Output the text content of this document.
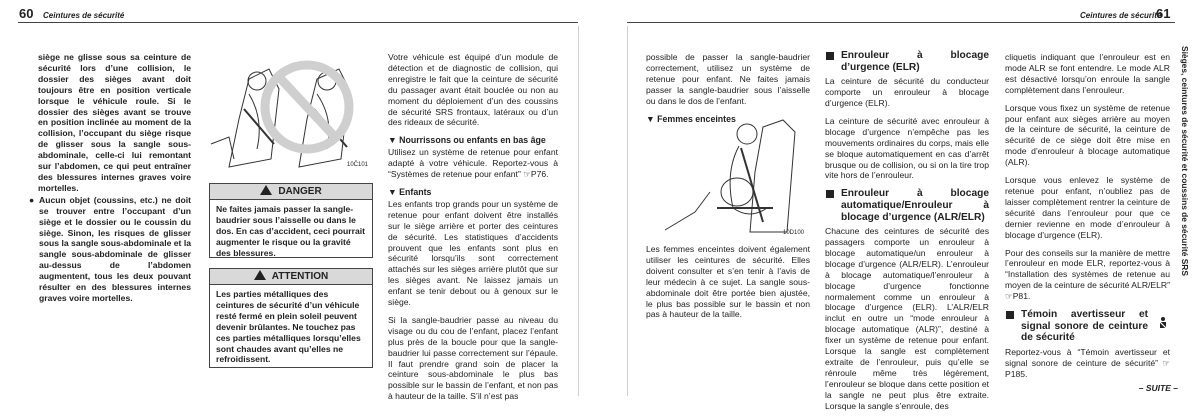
60 Ceintures de sécurité

siège ne glisse sous sa ceinture de sécurité lors d’une collision, le dossier des sièges avant doit toujours être en position verticale lorsque le véhicule roule. Si le dossier des sièges avant se trouve en position inclinée au moment de la collision, l’occupant du siège risque de glisser sous la sangle sous-abdominale, celle-ci lui remontant sur l’abdomen, ce qui peut entraîner des blessures internes graves voire mortelles.

● Aucun objet (coussins, etc.) ne doit se trouver entre l’occupant d’un siège et le dossier ou le coussin du siège. Sinon, les risques de glisser sous la sangle sous-abdominale et la sangle sous-abdominale de glisser au-dessus de l’abdomen augmentent, tous les deux pouvant résulter en des blessures internes graves voire mortelles.

10Ĉ101
DANGER
Ne faites jamais passer la sangle-baudrier sous l’aisselle ou dans le dos. En cas d’accident, ceci pourrait augmenter le risque ou la gravité des blessures.
ATTENTION
Les parties métalliques des ceintures de sécurité d’un véhicule resté fermé en plein soleil peuvent devenir brûlantes. Ne touchez pas ces parties métalliques lorsqu’elles sont chaudes avant qu’elles ne refroidissent.

Votre véhicule est équipé d’un module de détection et de diagnostic de collision, qui enregistre le fait que la ceinture de sécurité du passager avant était bouclée ou non au moment du déploiement d’un des coussins de sécurité SRS frontaux, latéraux ou d’un des rideaux de sécurité.

▼ Nourrissons ou enfants en bas âge

Utilisez un système de retenue pour enfant adapté à votre véhicule. Reportez-vous à “Systèmes de retenue pour enfant” ☞P76.

▼ Enfants

Les enfants trop grands pour un système de retenue pour enfant doivent être installés sur le siège arrière et porter des ceintures de sécurité. Les statistiques d’accidents prouvent que les enfants sont plus en sécurité lorsqu’ils sont correctement attachés sur les sièges arrière plutôt que sur les sièges avant. Ne laissez jamais un enfant se tenir debout ou à genoux sur le siège.

Si la sangle-baudrier passe au niveau du visage ou du cou de l’enfant, placez l’enfant plus près de la boucle pour que la sangle-baudrier lui passe correctement sur l’épaule. Il faut prendre grand soin de placer la ceinture sous-abdominale le plus bas possible sur le bassin de l’enfant, et non pas à hauteur de la taille. S’il n’est pas

Ceintures de sécurité
61

possible de passer la sangle-baudrier correctement, utilisez un système de retenue pour enfant. Ne faites jamais passer la sangle-baudrier sous l’aisselle ou dans le dos de l’enfant.

▼ Femmes enceintes
10D100

Les femmes enceintes doivent également utiliser les ceintures de sécurité. Elles doivent consulter et s’en tenir à l’avis de leur médecin à ce sujet. La sangle sous-abdominale doit être portée bien ajustée, le plus bas possible sur le bassin et non pas à hauteur de la taille.

Enrouleur à blocage d’urgence (ELR)

La ceinture de sécurité du conducteur comporte un enrouleur à blocage d’urgence (ELR).

La ceinture de sécurité avec enrouleur à blocage d’urgence n’empêche pas les mouvements ordinaires du corps, mais elle se bloque automatiquement en cas d’arrêt brusque ou de collision, ou si on la tire trop vite hors de l’enrouleur.

Enrouleur à blocage automatique/Enrouleur à blocage d’urgence (ALR/ELR)

Chacune des ceintures de sécurité des passagers comporte un enrouleur à blocage automatique/un enrouleur à blocage d’urgence (ALR/ELR). L’enrouleur à blocage automatique/l’enrouleur à blocage d’urgence fonctionne normalement comme un enrouleur à blocage d’urgence (ELR). L’ALR/ELR inclut en outre un “mode enrouleur à blocage automatique (ALR)”, destiné à fixer un système de retenue pour enfant. Lorsque la sangle est complètement extraite de l’enrouleur, puis qu’elle se rénroule même très légèrement, l’enrouleur se bloque dans cette position et la sangle ne peut plus être extraite. Lorsque la sangle s’enroule, des

cliquetis indiquant que l’enrouleur est en mode ALR se font entendre. Le mode ALR est désactivé lorsqu’on enroule la sangle complètement dans l’enrouleur.

Lorsque vous fixez un système de retenue pour enfant aux sièges arrière au moyen de la ceinture de sécurité, la ceinture de sécurité de ce siège doit être mise en mode d’enrouleur à blocage automatique (ALR).

Lorsque vous enlevez le système de retenue pour enfant, n’oubliez pas de laisser complètement rentrer la ceinture de sécurité dans l’enrouleur pour que ce dernier revienne en mode d’enrouleur à blocage d’urgence (ELR).

Pour des conseils sur la manière de mettre l’enrouleur en mode ELR, reportez-vous à “Installation des systèmes de retenue au moyen de la ceinture de sécurité ALR/ELR” ☞P81.

Témoin avertisseur et signal sonore de ceinture de sécurité

Reportez-vous à “Témoin avertisseur et signal sonore de ceinture de sécurité” ☞P185.

Sièges, ceintures de sécurité et coussins de sécurité SRS
– SUITE –
